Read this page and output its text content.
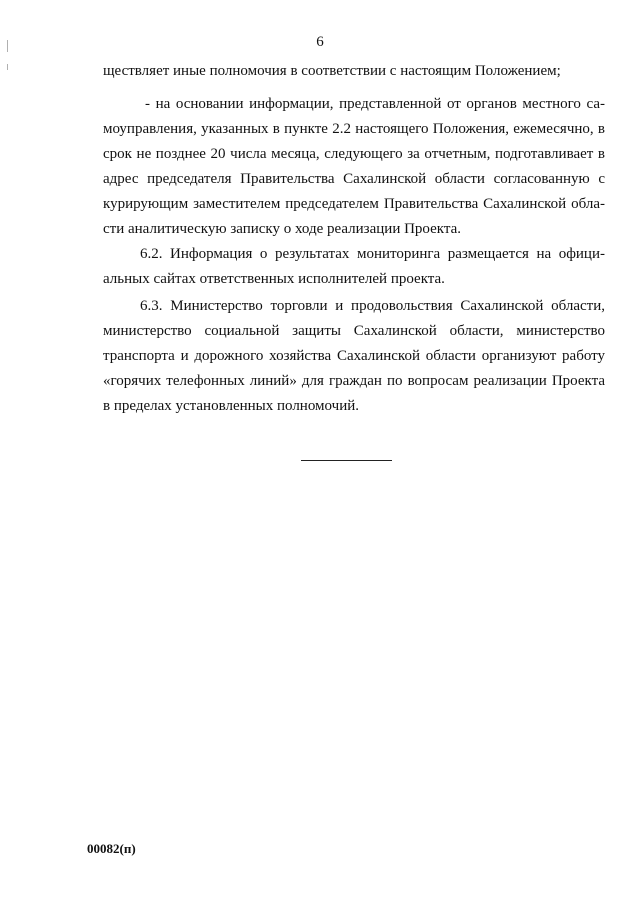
6
ществляет иные полномочия в соответствии с настоящим Положением;
- на основании информации, представленной от органов местного са-
моуправления, указанных в пункте 2.2 настоящего Положения, ежемесячно, в
срок не позднее 20 числа месяца, следующего за отчетным, подготавливает в
адрес председателя Правительства Сахалинской области согласованную с
курирующим заместителем председателем Правительства Сахалинской обла-
сти аналитическую записку о ходе реализации Проекта.
6.2. Информация о результатах мониторинга размещается на офици-
альных сайтах ответственных исполнителей проекта.
6.3. Министерство торговли и продовольствия Сахалинской области,
министерство социальной защиты Сахалинской области, министерство
транспорта и дорожного хозяйства Сахалинской области организуют работу
«горячих телефонных линий» для граждан по вопросам реализации Проекта
в пределах установленных полномочий.
00082(п)
